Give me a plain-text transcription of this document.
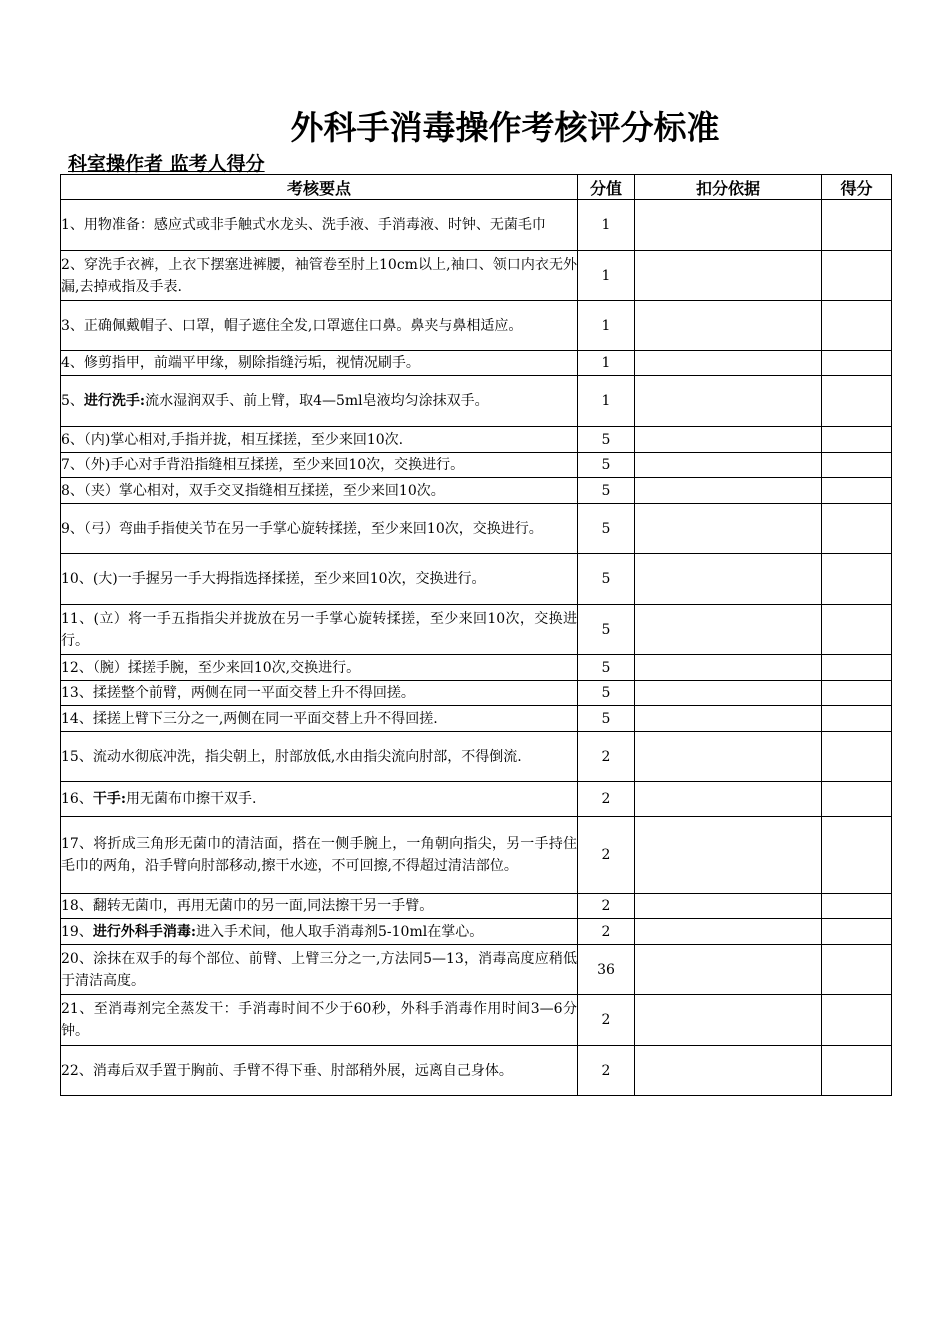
外科手消毒操作考核评分标准
科室操作者 监考人得分
考核要点	分值	扣分依据	得分
1、用物准备：感应式或非手触式水龙头、洗手液、手消毒液、时钟、无菌毛巾	1		
2、穿洗手衣裤，上衣下摆塞进裤腰，袖管卷至肘上10cm以上,袖口、领口内衣无外漏,去掉戒指及手表.	1		
3、正确佩戴帽子、口罩，帽子遮住全发,口罩遮住口鼻。鼻夹与鼻相适应。	1		
4、修剪指甲，前端平甲缘，剔除指缝污垢，视情况刷手。	1		
5、进行洗手:流水湿润双手、前上臂，取4—5ml皂液均匀涂抹双手。	1		
6、（内)掌心相对,手指并拢，相互揉搓，至少来回10次.	5		
7、（外)手心对手背沿指缝相互揉搓，至少来回10次，交换进行。	5		
8、（夹）掌心相对，双手交叉指缝相互揉搓，至少来回10次。	5		
9、（弓）弯曲手指使关节在另一手掌心旋转揉搓，至少来回10次，交换进行。	5		
10、(大)一手握另一手大拇指选择揉搓，至少来回10次，交换进行。	5		
11、(立）将一手五指指尖并拢放在另一手掌心旋转揉搓，至少来回10次，交换进行。	5		
12、（腕）揉搓手腕，至少来回10次,交换进行。	5		
13、揉搓整个前臂，两侧在同一平面交替上升不得回搓。	5		
14、揉搓上臂下三分之一,两侧在同一平面交替上升不得回搓.	5		
15、流动水彻底冲洗，指尖朝上，肘部放低,水由指尖流向肘部，不得倒流.	2		
16、干手:用无菌布巾擦干双手.	2		
17、将折成三角形无菌巾的清洁面，搭在一侧手腕上，一角朝向指尖，另一手持住毛巾的两角，沿手臂向肘部移动,擦干水迹，不可回擦,不得超过清洁部位。	2		
18、翻转无菌巾，再用无菌巾的另一面,同法擦干另一手臂。	2		
19、进行外科手消毒:进入手术间，他人取手消毒剂5-10ml在掌心。	2		
20、涂抹在双手的每个部位、前臂、上臂三分之一,方法同5—13，消毒高度应稍低于清洁高度。	36		
21、至消毒剂完全蒸发干：手消毒时间不少于60秒，外科手消毒作用时间3—6分钟。	2		
22、消毒后双手置于胸前、手臂不得下垂、肘部稍外展，远离自己身体。	2		
